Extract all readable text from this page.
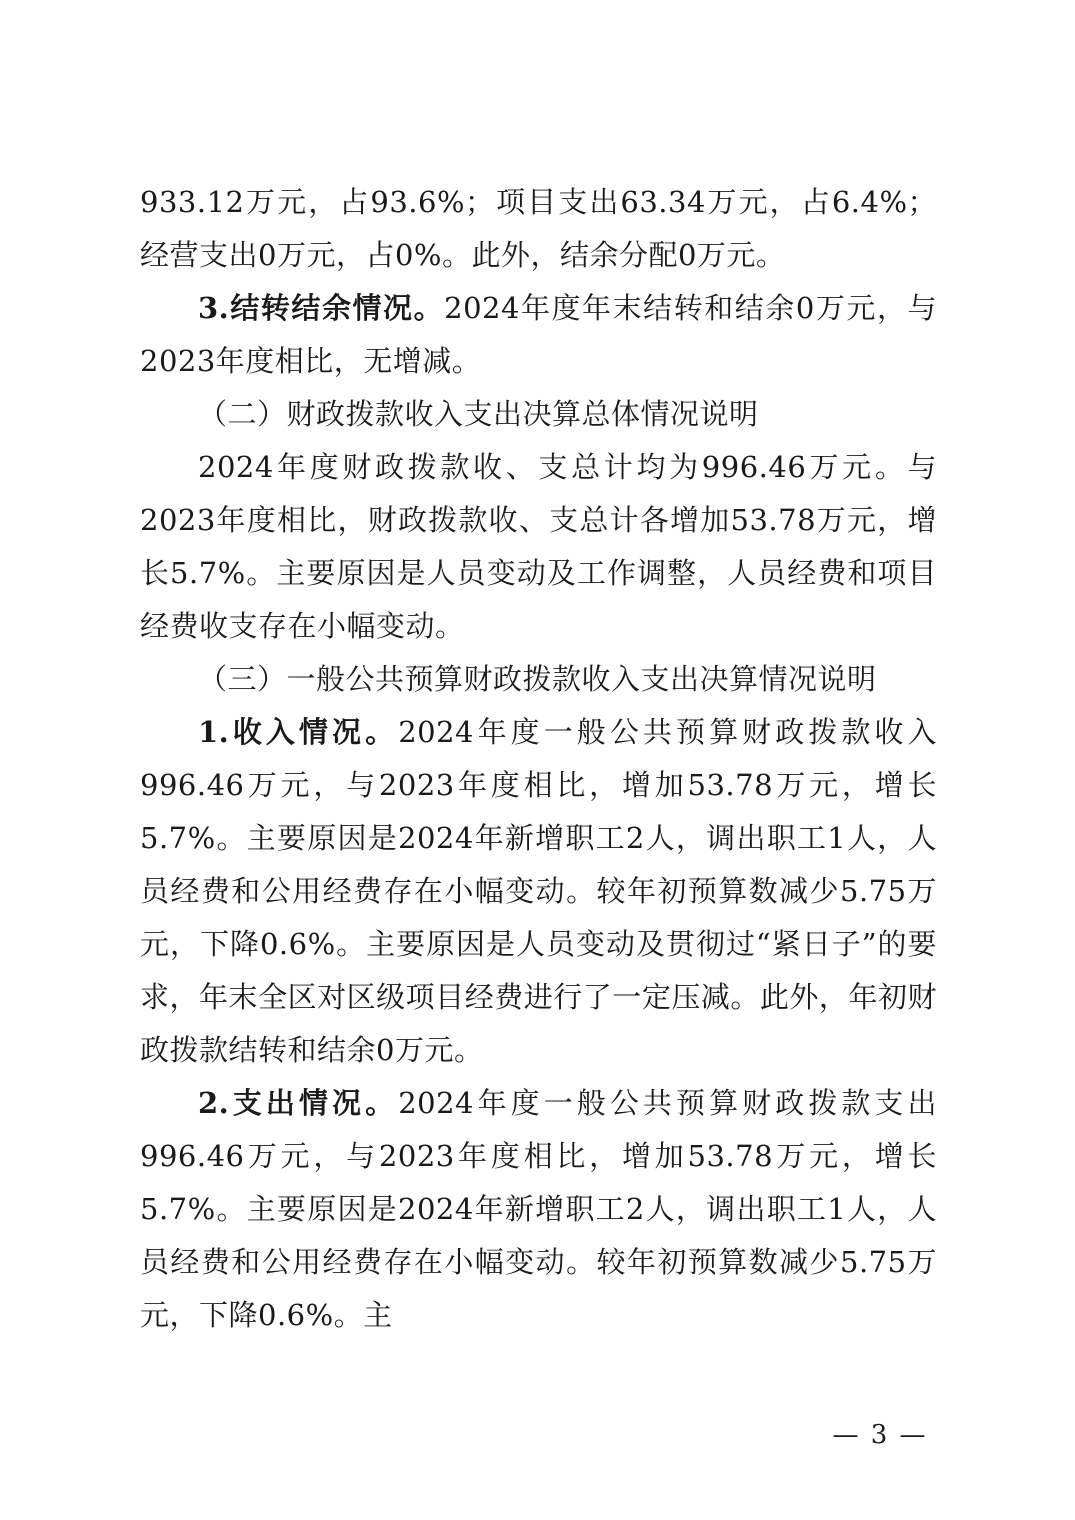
933.12万元，占93.6%；项目支出63.34万元，占6.4%；经营支出0万元，占0%。此外，结余分配0万元。

3.结转结余情况。2024年度年末结转和结余0万元，与2023年度相比，无增减。

（二）财政拨款收入支出决算总体情况说明

2024年度财政拨款收、支总计均为996.46万元。与2023年度相比，财政拨款收、支总计各增加53.78万元，增长5.7%。主要原因是人员变动及工作调整，人员经费和项目经费收支存在小幅变动。

（三）一般公共预算财政拨款收入支出决算情况说明

1.收入情况。2024年度一般公共预算财政拨款收入996.46万元，与2023年度相比，增加53.78万元，增长5.7%。主要原因是2024年新增职工2人，调出职工1人，人员经费和公用经费存在小幅变动。较年初预算数减少5.75万元，下降0.6%。主要原因是人员变动及贯彻过“紧日子”的要求，年末全区对区级项目经费进行了一定压减。此外，年初财政拨款结转和结余0万元。

2.支出情况。2024年度一般公共预算财政拨款支出996.46万元，与2023年度相比，增加53.78万元，增长5.7%。主要原因是2024年新增职工2人，调出职工1人，人员经费和公用经费存在小幅变动。较年初预算数减少5.75万元，下降0.6%。主

— 3 —
